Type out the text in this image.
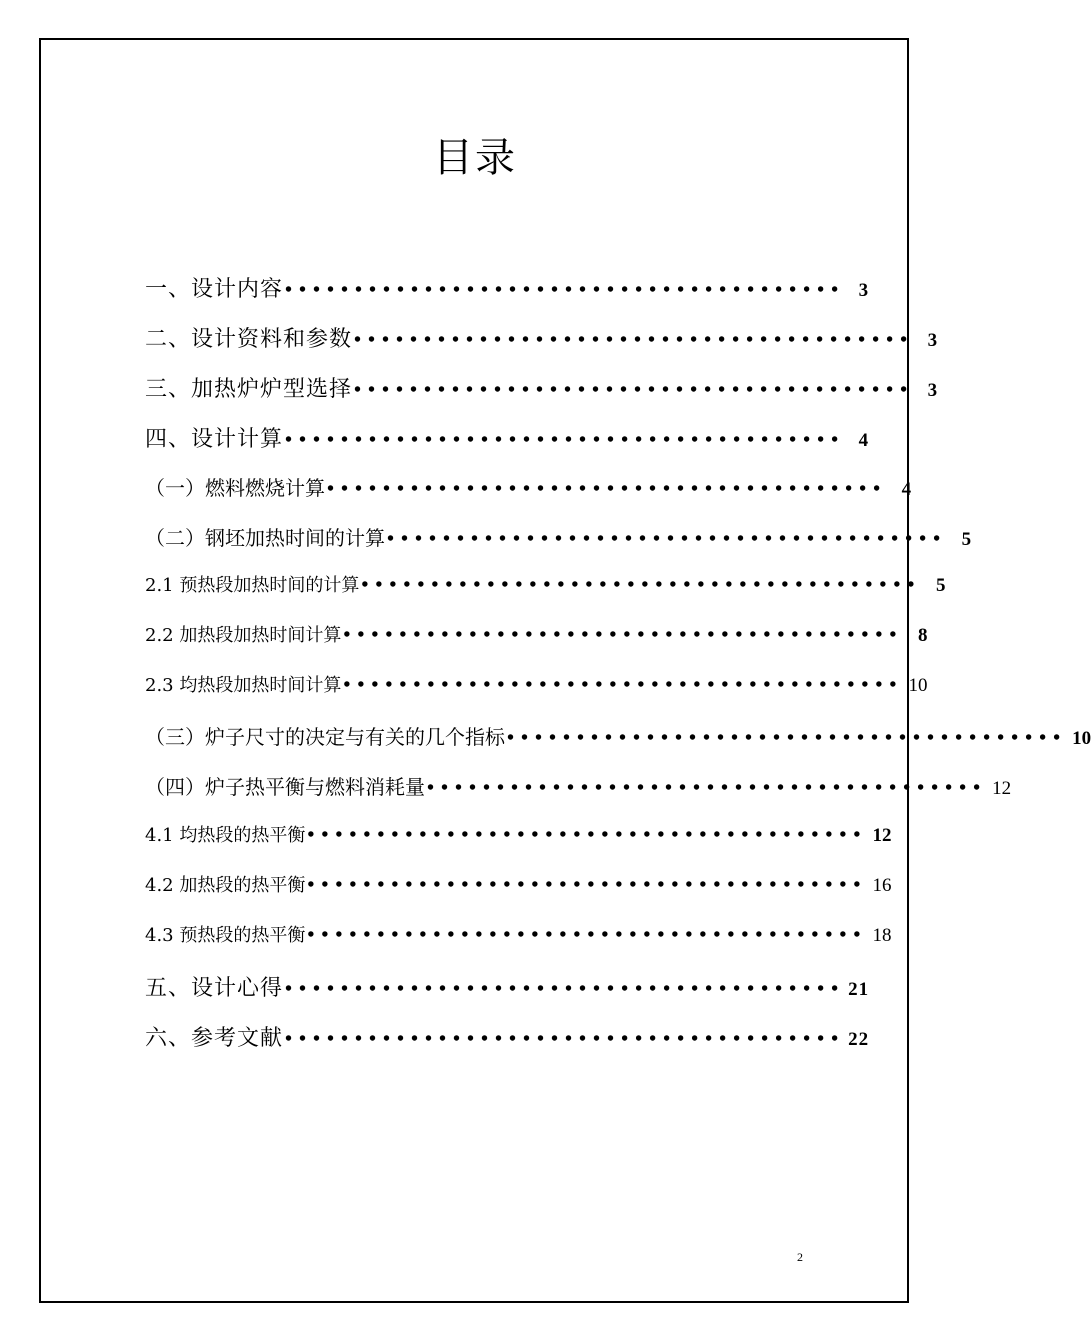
目录
一、设计内容 •••••••••••••••••••••••••••••••••••••••• 3
二、设计资料和参数 •••••••••••••••••••••••••••••••••••••••• 3
三、加热炉炉型选择 •••••••••••••••••••••••••••••••••••••••• 3
四、设计计算 •••••••••••••••••••••••••••••••••••••••• 4
（一）燃料燃烧计算 •••••••••••••••••••••••••••••••••••••••• 4
（二）钢坯加热时间的计算 •••••••••••••••••••••••••••••••••••••••• 5
2.1 预热段加热时间的计算 •••••••••••••••••••••••••••••••••••••••• 5
2.2 加热段加热时间计算 •••••••••••••••••••••••••••••••••••••••• 8
2.3 均热段加热时间计算 •••••••••••••••••••••••••••••••••••••••• 10
（三）炉子尺寸的决定与有关的几个指标 •••••••••••••••••••••••••••••••••••••••• 10
（四）炉子热平衡与燃料消耗量 •••••••••••••••••••••••••••••••••••••••• 12
4.1 均热段的热平衡 •••••••••••••••••••••••••••••••••••••••• 12
4.2 加热段的热平衡 •••••••••••••••••••••••••••••••••••••••• 16
4.3 预热段的热平衡 •••••••••••••••••••••••••••••••••••••••• 18
五、设计心得 •••••••••••••••••••••••••••••••••••••••• 21
六、参考文献 •••••••••••••••••••••••••••••••••••••••• 22
2
